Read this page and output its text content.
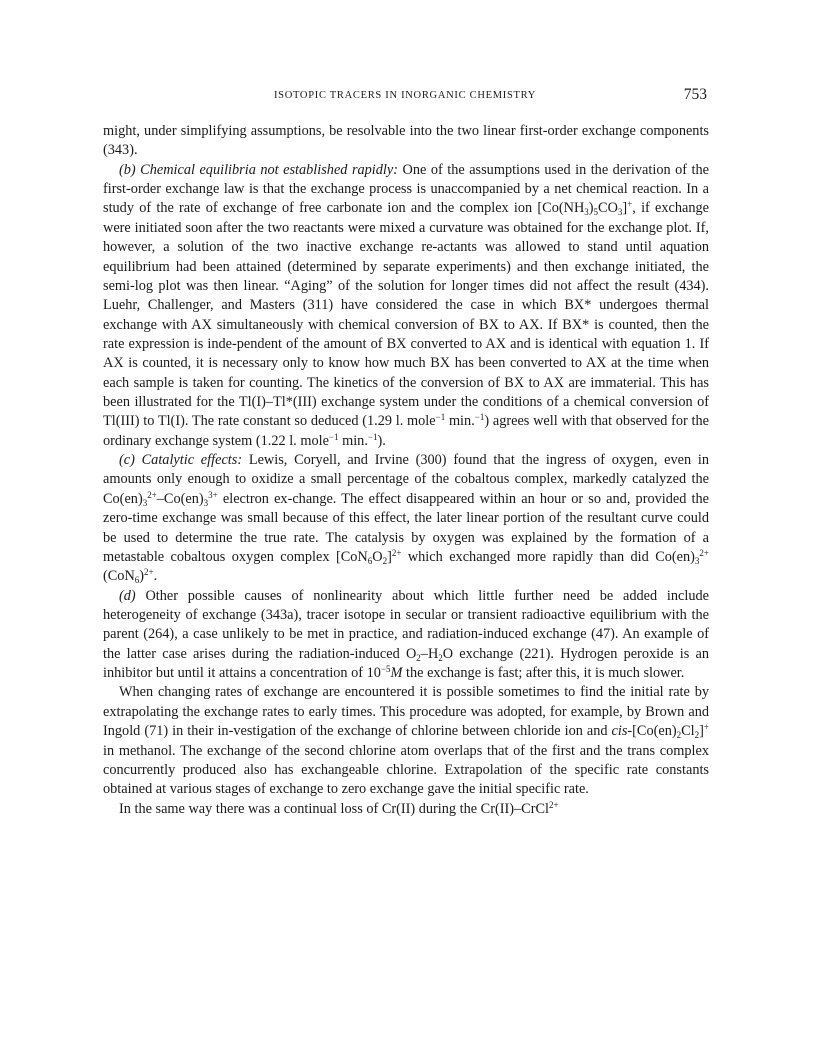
ISOTOPIC TRACERS IN INORGANIC CHEMISTRY	753

might, under simplifying assumptions, be resolvable into the two linear first-order exchange components (343).

(b) Chemical equilibria not established rapidly: One of the assumptions used in the derivation of the first-order exchange law is that the exchange process is unaccompanied by a net chemical reaction. In a study of the rate of exchange of free carbonate ion and the complex ion $[Co(NH_3)_5CO_3]^+$, if exchange were initiated soon after the two reactants were mixed a curvature was obtained for the exchange plot. If, however, a solution of the two inactive exchange re-actants was allowed to stand until aquation equilibrium had been attained (determined by separate experiments) and then exchange initiated, the semi-log plot was then linear. “Aging” of the solution for longer times did not affect the result (434). Luehr, Challenger, and Masters (311) have considered the case in which BX* undergoes thermal exchange with AX simultaneously with chemical conversion of BX to AX. If BX* is counted, then the rate expression is inde-pendent of the amount of BX converted to AX and is identical with equation 1. If AX is counted, it is necessary only to know how much BX has been converted to AX at the time when each sample is taken for counting. The kinetics of the conversion of BX to AX are immaterial. This has been illustrated for the Tl(I)–Tl*(III) exchange system under the conditions of a chemical conversion of Tl(III) to Tl(I). The rate constant so deduced (1.29 l. mole$^{-1}$ min.$^{-1}$) agrees well with that observed for the ordinary exchange system (1.22 l. mole$^{-1}$ min.$^{-1}$).

(c) Catalytic effects: Lewis, Coryell, and Irvine (300) found that the ingress of oxygen, even in amounts only enough to oxidize a small percentage of the cobaltous complex, markedly catalyzed the $Co(en)_3^{2+}-Co(en)_3^{3+}$ electron ex-change. The effect disappeared within an hour or so and, provided the zero-time exchange was small because of this effect, the later linear portion of the resultant curve could be used to determine the true rate. The catalysis by oxygen was explained by the formation of a metastable cobaltous oxygen complex $[CoN_6O_2]^{2+}$ which exchanged more rapidly than did $Co(en)_3^{2+}(CoN_6)^{2+}$.

(d) Other possible causes of nonlinearity about which little further need be added include heterogeneity of exchange (343a), tracer isotope in secular or transient radioactive equilibrium with the parent (264), a case unlikely to be met in practice, and radiation-induced exchange (47). An example of the latter case arises during the radiation-induced $O_2-H_2O$ exchange (221). Hydrogen peroxide is an inhibitor but until it attains a concentration of $10^{-5}M$ the exchange is fast; after this, it is much slower.

When changing rates of exchange are encountered it is possible sometimes to find the initial rate by extrapolating the exchange rates to early times. This procedure was adopted, for example, by Brown and Ingold (71) in their in-vestigation of the exchange of chlorine between chloride ion and cis-$[Co(en)_2Cl_2]^+$ in methanol. The exchange of the second chlorine atom overlaps that of the first and the trans complex concurrently produced also has exchangeable chlorine. Extrapolation of the specific rate constants obtained at various stages of exchange to zero exchange gave the initial specific rate.

In the same way there was a continual loss of Cr(II) during the Cr(II)–CrCl$^{2+}$
